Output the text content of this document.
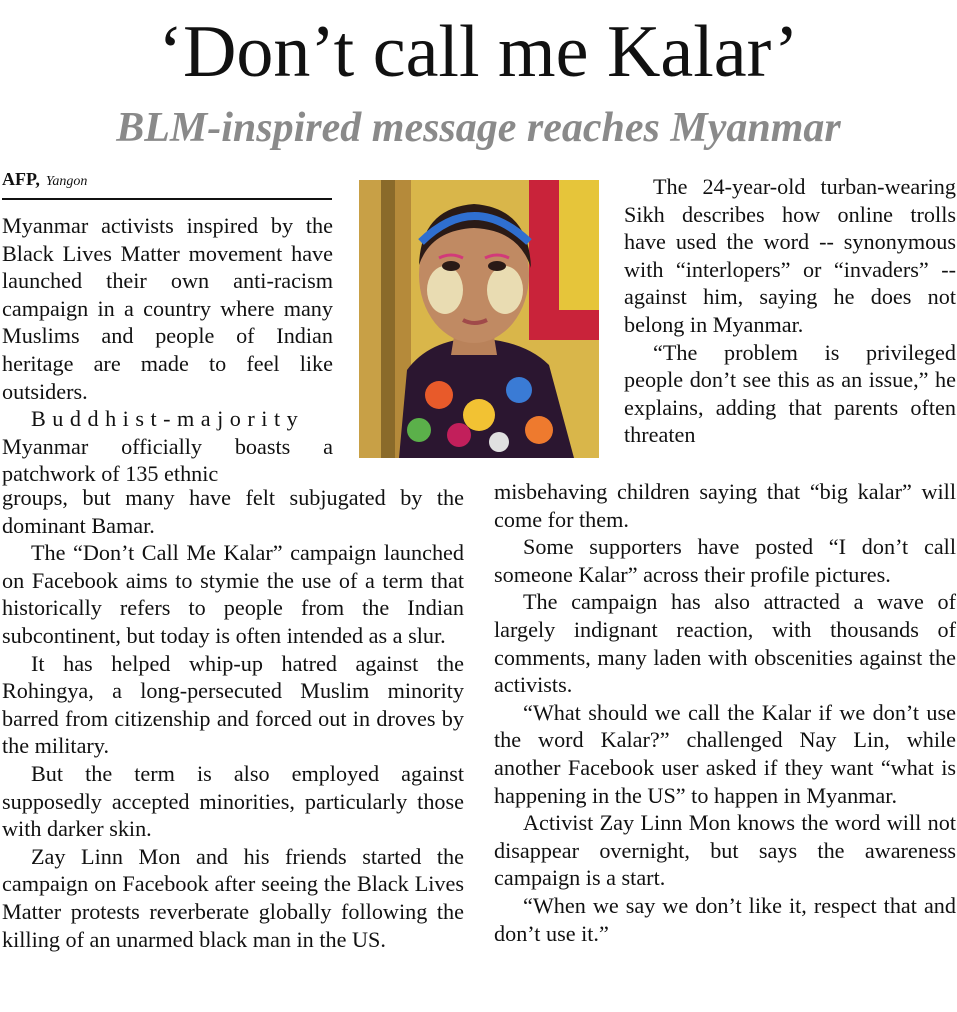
‘Don’t call me Kalar’
BLM-inspired message reaches Myanmar
AFP, Yangon

Myanmar activists inspired by the Black Lives Matter movement have launched their own anti-racism campaign in a country where many Muslims and people of Indian heritage are made to feel like outsiders.

Buddhist-majority

Myanmar officially boasts a patchwork of 135 ethnic

groups, but many have felt subjugated by the dominant Bamar.

The “Don’t Call Me Kalar” campaign launched on Facebook aims to stymie the use of a term that historically refers to people from the Indian subcontinent, but today is often intended as a slur.

It has helped whip-up hatred against the Rohingya, a long-persecuted Muslim minority barred from citizenship and forced out in droves by the military.

But the term is also employed against supposedly accepted minorities, particularly those with darker skin.

Zay Linn Mon and his friends started the campaign on Facebook after seeing the Black Lives Matter protests reverberate globally following the killing of an unarmed black man in the US.

The 24-year-old turban-wearing Sikh describes how online trolls have used the word -- synonymous with “interlopers” or “invaders” -- against him, saying he does not belong in Myanmar.

“The problem is privileged people don’t see this as an issue,” he explains, adding that parents often threaten

misbehaving children saying that “big kalar” will come for them.

Some supporters have posted “I don’t call someone Kalar” across their profile pictures.

The campaign has also attracted a wave of largely indignant reaction, with thousands of comments, many laden with obscenities against the activists.

“What should we call the Kalar if we don’t use the word Kalar?” challenged Nay Lin, while another Facebook user asked if they want “what is happening in the US” to happen in Myanmar.

Activist Zay Linn Mon knows the word will not disappear overnight, but says the awareness campaign is a start.

“When we say we don’t like it, respect that and don’t use it.”
